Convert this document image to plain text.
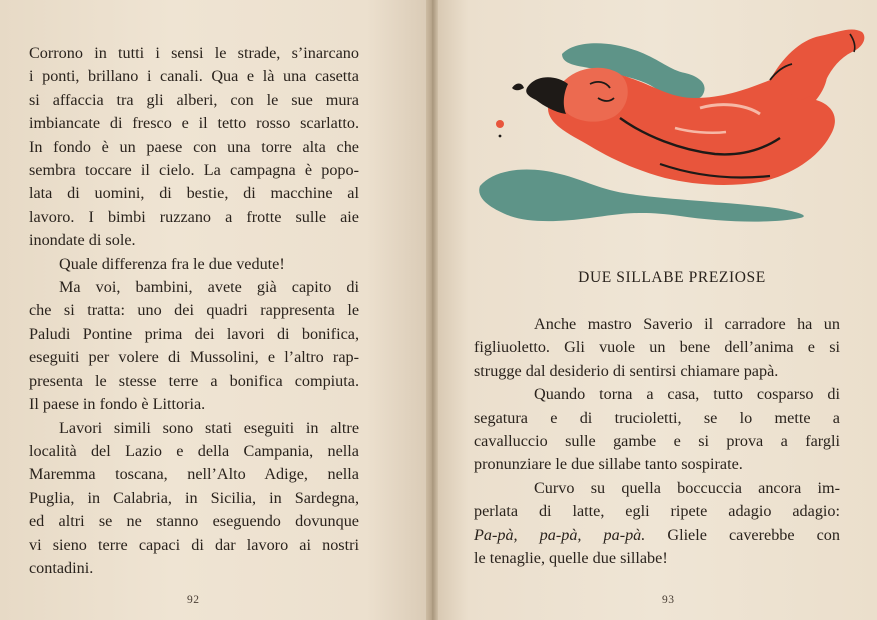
Corrono in tutti i sensi le strade, s’inarcano
i ponti, brillano i canali. Qua e là una casetta
si affaccia tra gli alberi, con le sue mura
imbiancate di fresco e il tetto rosso scarlatto.
In fondo è un paese con una torre alta che
sembra toccare il cielo. La campagna è popo-
lata di uomini, di bestie, di macchine al
lavoro. I bimbi ruzzano a frotte sulle aie
inondate di sole.
Quale differenza fra le due vedute!
Ma voi, bambini, avete già capito di
che si tratta: uno dei quadri rappresenta le
Paludi Pontine prima dei lavori di bonifica,
eseguiti per volere di Mussolini, e l’altro rap-
presenta le stesse terre a bonifica compiuta.
Il paese in fondo è Littoria.
Lavori simili sono stati eseguiti in altre
località del Lazio e della Campania, nella
Maremma toscana, nell’Alto Adige, nella
Puglia, in Calabria, in Sicilia, in Sardegna,
ed altri se ne stanno eseguendo dovunque
vi sieno terre capaci di dar lavoro ai nostri
contadini.
92
DUE SILLABE PREZIOSE
Anche mastro Saverio il carradore ha un
figliuoletto. Gli vuole un bene dell’anima e si
strugge dal desiderio di sentirsi chiamare papà.
Quando torna a casa, tutto cosparso di
segatura e di trucioletti, se lo mette a
cavalluccio sulle gambe e si prova a fargli
pronunziare le due sillabe tanto sospirate.
Curvo su quella boccuccia ancora im-
perlata di latte, egli ripete adagio adagio:
Pa-pà, pa-pà, pa-pà. Gliele caverebbe con
le tenaglie, quelle due sillabe!
93
